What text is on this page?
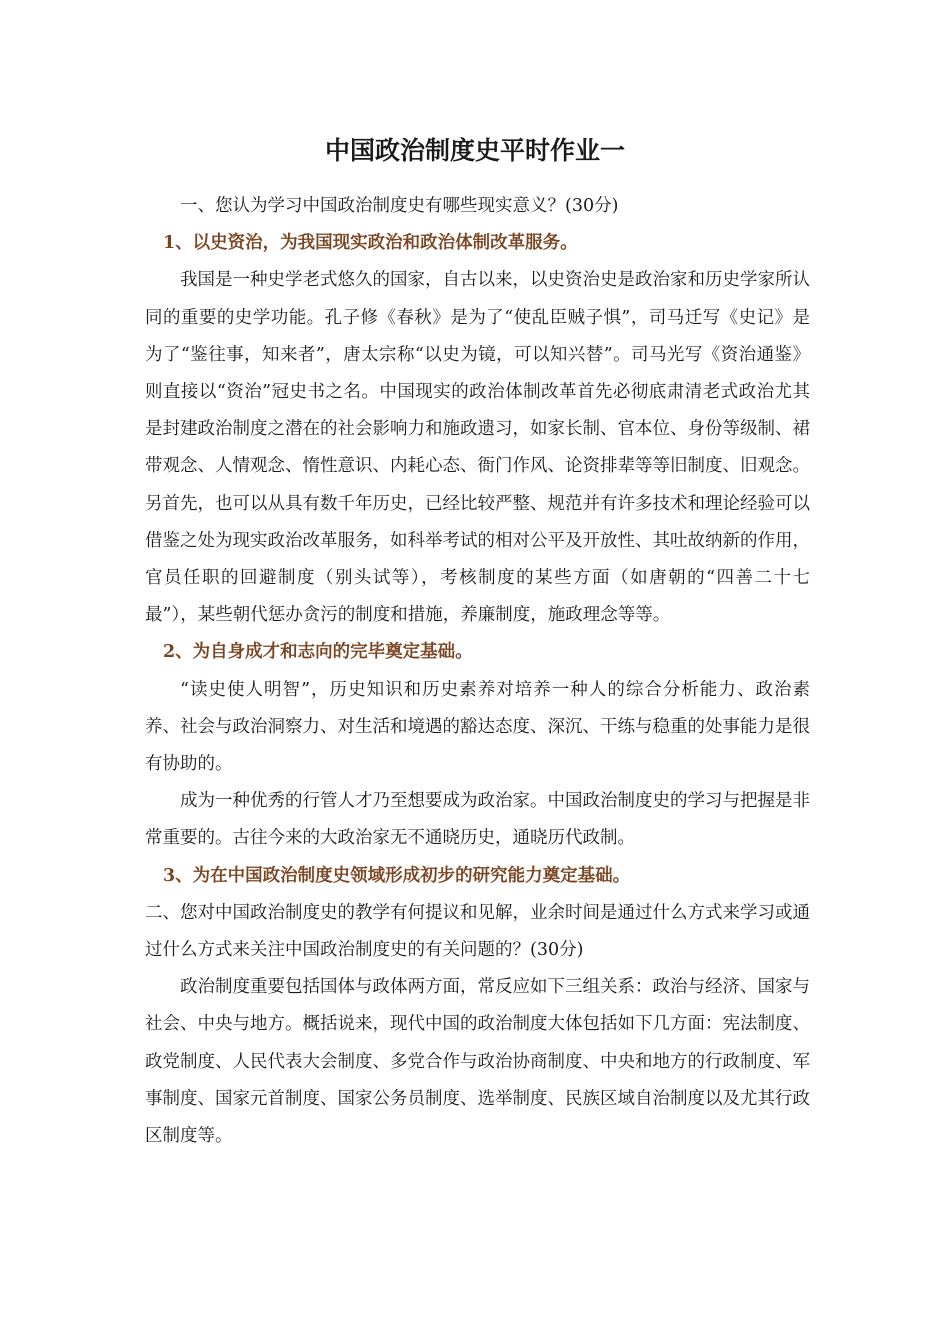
中国政治制度史平时作业一

一、您认为学习中国政治制度史有哪些现实意义？(30分)

1、以史资治，为我国现实政治和政治体制改革服务。

我国是一种史学老式悠久的国家，自古以来，以史资治史是政治家和历史学家所认同的重要的史学功能。孔子修《春秋》是为了“使乱臣贼子惧”，司马迁写《史记》是为了“鉴往事，知来者”，唐太宗称“以史为镜，可以知兴替”。司马光写《资治通鉴》则直接以“资治”冠史书之名。中国现实的政治体制改革首先必彻底肃清老式政治尤其是封建政治制度之潜在的社会影响力和施政遗习，如家长制、官本位、身份等级制、裙带观念、人情观念、惰性意识、内耗心态、衙门作风、论资排辈等等旧制度、旧观念。另首先，也可以从具有数千年历史，已经比较严整、规范并有许多技术和理论经验可以借鉴之处为现实政治改革服务，如科举考试的相对公平及开放性、其吐故纳新的作用，官员任职的回避制度（别头试等），考核制度的某些方面（如唐朝的“四善二十七最”），某些朝代惩办贪污的制度和措施，养廉制度，施政理念等等。

2、为自身成才和志向的完毕奠定基础。

“读史使人明智”，历史知识和历史素养对培养一种人的综合分析能力、政治素养、社会与政治洞察力、对生活和境遇的豁达态度、深沉、干练与稳重的处事能力是很有协助的。

成为一种优秀的行管人才乃至想要成为政治家。中国政治制度史的学习与把握是非常重要的。古往今来的大政治家无不通晓历史，通晓历代政制。

3、为在中国政治制度史领域形成初步的研究能力奠定基础。

二、您对中国政治制度史的教学有何提议和见解，业余时间是通过什么方式来学习或通过什么方式来关注中国政治制度史的有关问题的？(30分)

政治制度重要包括国体与政体两方面，常反应如下三组关系：政治与经济、国家与社会、中央与地方。概括说来，现代中国的政治制度大体包括如下几方面：宪法制度、政党制度、人民代表大会制度、多党合作与政治协商制度、中央和地方的行政制度、军事制度、国家元首制度、国家公务员制度、选举制度、民族区域自治制度以及尤其行政区制度等。
